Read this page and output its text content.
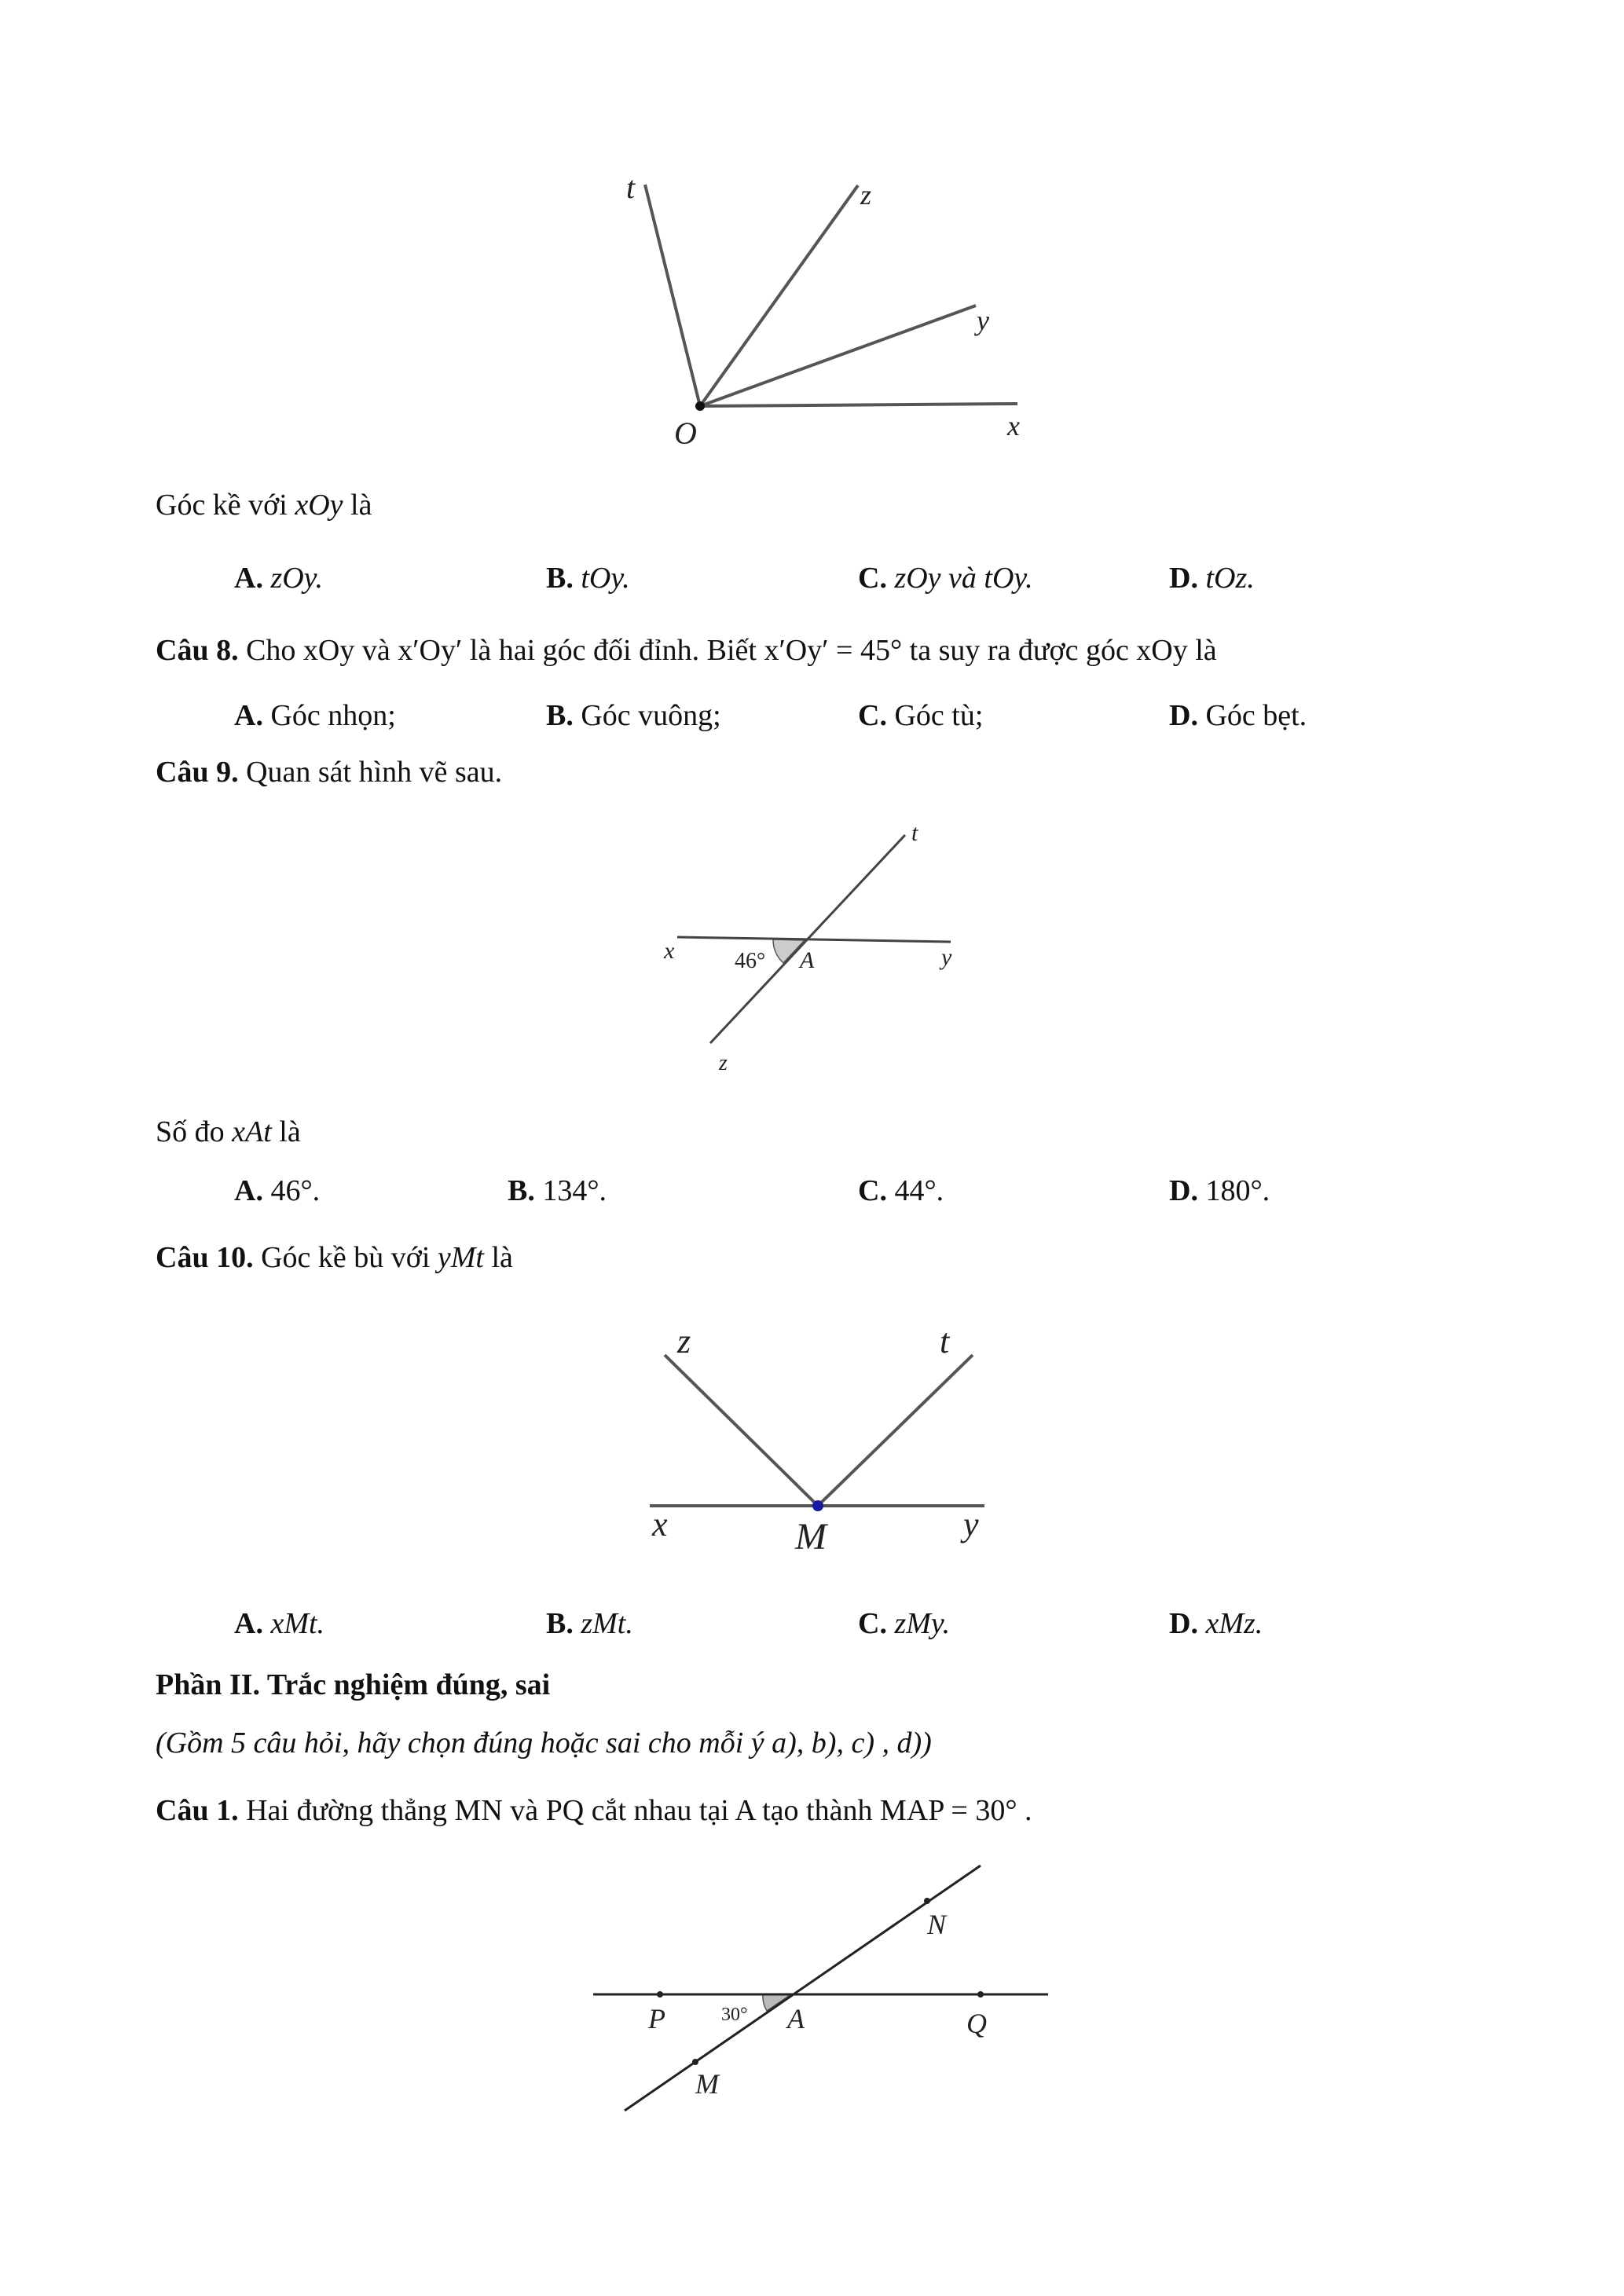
t	z
y
O	x
x	46° A	y
t
z
z	t
x	M	y
N
P	30° A	Q
M
Góc kề với xOy là
A. zOy.	B. tOy.	C. zOy và tOy.	D. tOz.
Câu 8. Cho xOy và x′Oy′ là hai góc đối đỉnh. Biết x′Oy′ = 45° ta suy ra được góc xOy là
A. Góc nhọn;	B. Góc vuông;	C. Góc tù;	D. Góc bẹt.
Câu 9. Quan sát hình vẽ sau.
Số đo xAt là
A. 46°.	B. 134°.	C. 44°.	D. 180°.
Câu 10. Góc kề bù với yMt là
A. xMt.	B. zMt.	C. zMy.	D. xMz.
Phần II. Trắc nghiệm đúng, sai
(Gồm 5 câu hỏi, hãy chọn đúng hoặc sai cho mỗi ý a), b), c) , d))
Câu 1. Hai đường thẳng MN và PQ cắt nhau tại A tạo thành MAP = 30° .
